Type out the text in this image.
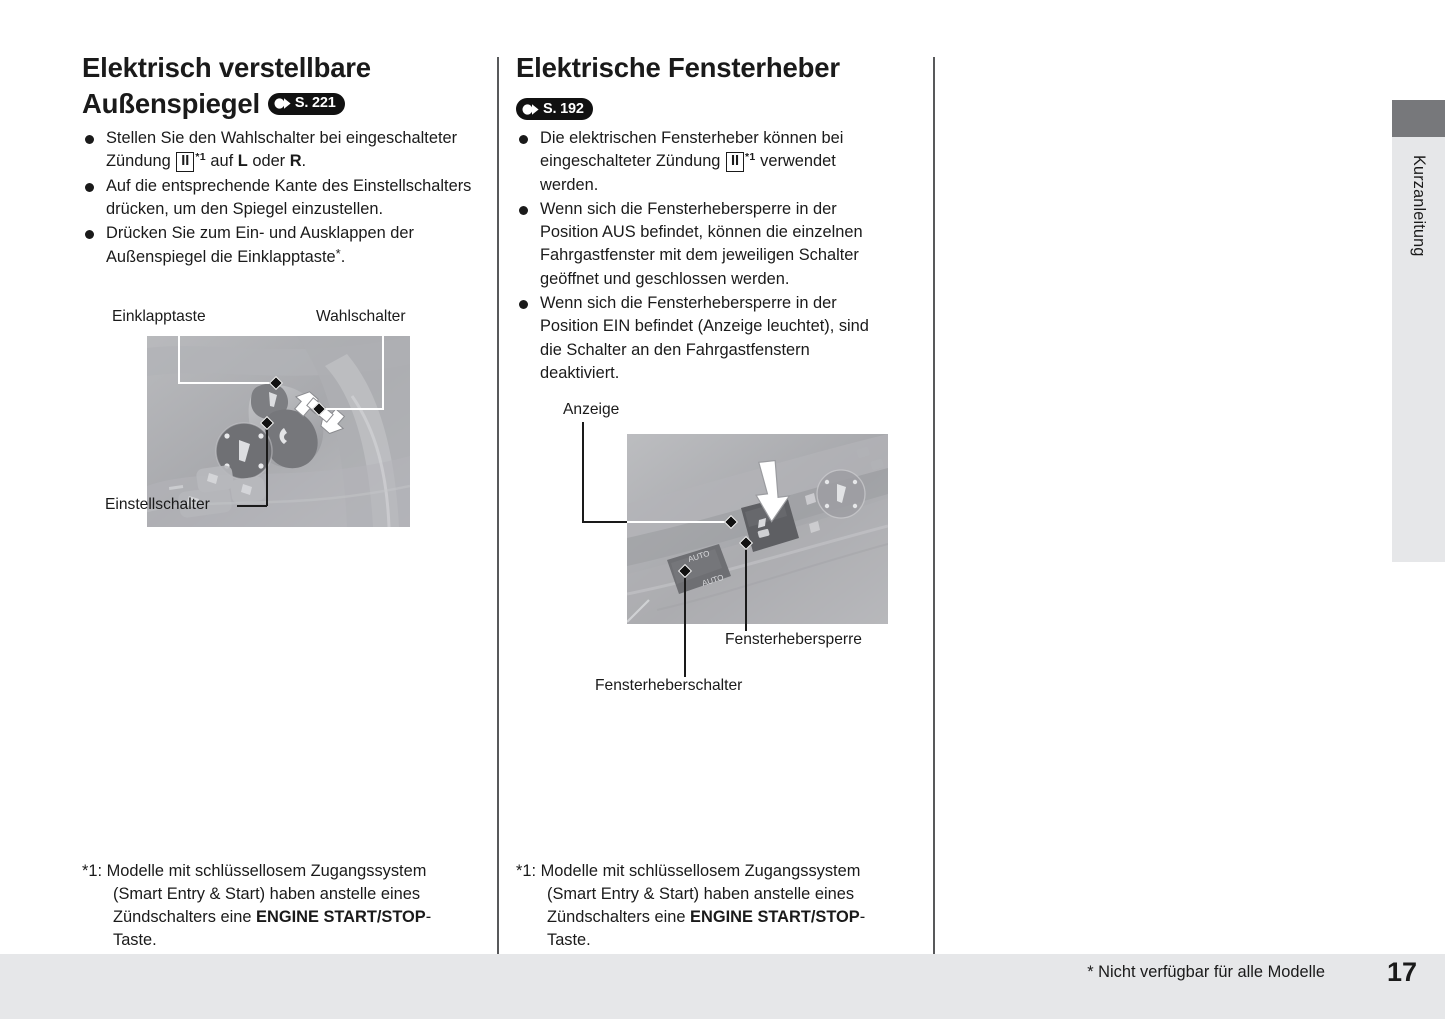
Elektrisch verstellbare
Außenspiegel S. 221
Stellen Sie den Wahlschalter bei eingeschalteter Zündung II $^{*1}$ auf L oder R.
Auf die entsprechende Kante des Einstellschalters drücken, um den Spiegel einzustellen.
Drücken Sie zum Ein- und Ausklappen der Außenspiegel die Einklapptaste*.
Einklapptaste	Wahlschalter
Einstellschalter
Elektrische Fensterheber
S. 192
Die elektrischen Fensterheber können bei eingeschalteter Zündung II $^{*1}$ verwendet werden.
Wenn sich die Fensterhebersperre in der Position AUS befindet, können die einzelnen Fahrgastfenster mit dem jeweiligen Schalter geöffnet und geschlossen werden.
Wenn sich die Fensterhebersperre in der Position EIN befindet (Anzeige leuchtet), sind die Schalter an den Fahrgastfenstern deaktiviert.
AUTO
AUTO
Anzeige
Fensterhebersperre
Fensterheberschalter
*1: Modelle mit schlüssellosem Zugangssystem
(Smart Entry & Start) haben anstelle eines
Zündschalters eine ENGINE START/STOP-
Taste.
*1: Modelle mit schlüssellosem Zugangssystem
(Smart Entry & Start) haben anstelle eines
Zündschalters eine ENGINE START/STOP-
Taste.
Kurzanleitung
* Nicht verfügbar für alle Modelle 17
